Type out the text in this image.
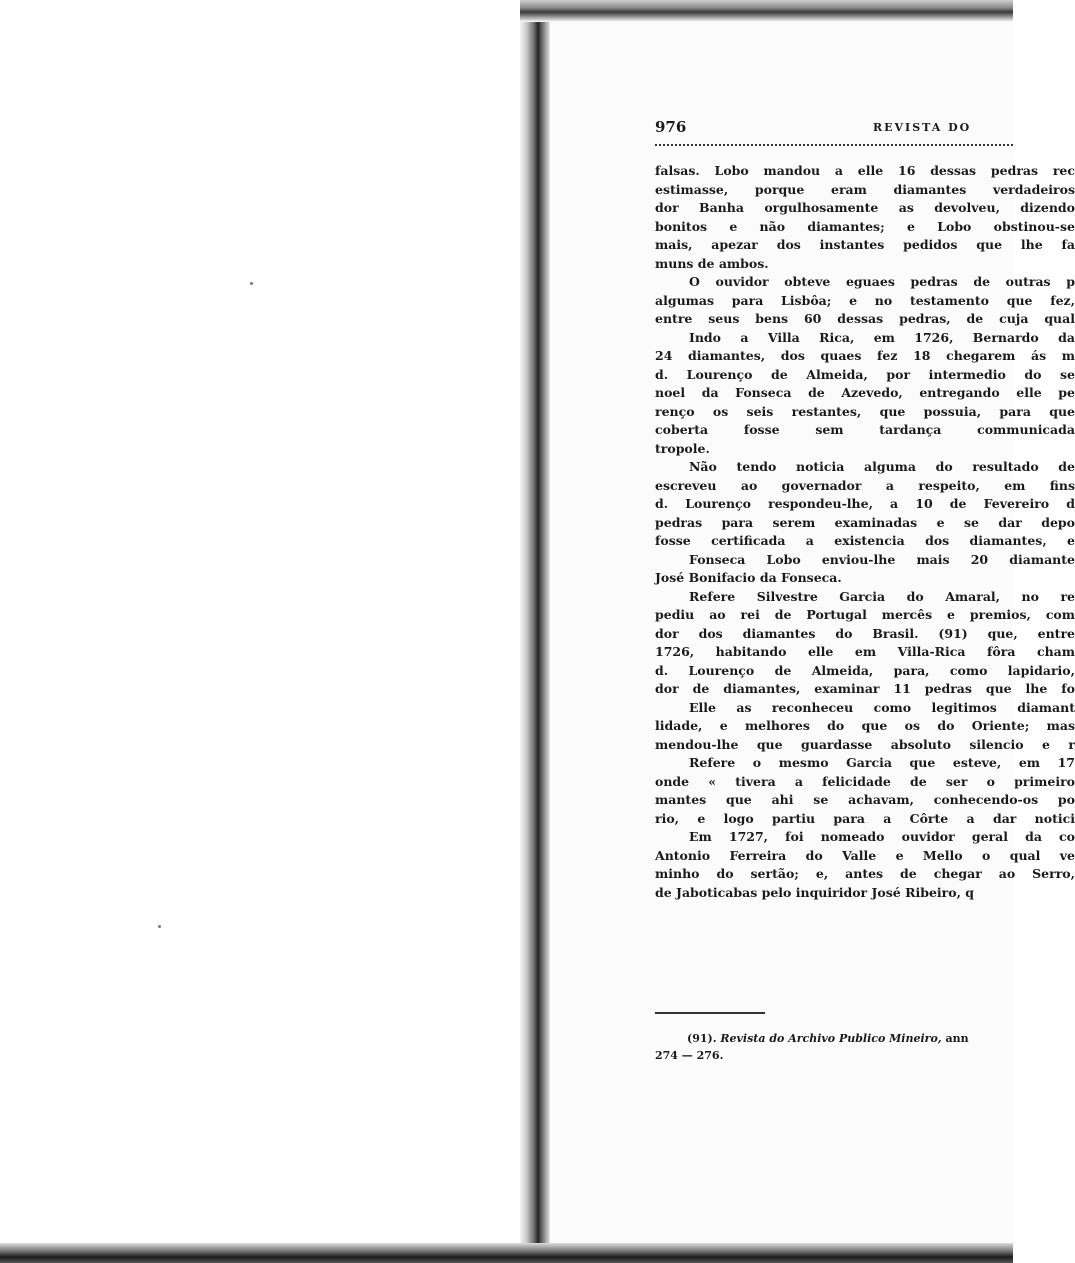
976	REVISTA DO
falsas. Lobo mandou a elle 16 dessas pedras rec
estimasse, porque eram diamantes verdadeiros
dor Banha orgulhosamente as devolveu, dizendo
bonitos e não diamantes; e Lobo obstinou-se
mais, apezar dos instantes pedidos que lhe fa
muns de ambos.
O ouvidor obteve eguaes pedras de outras p
algumas para Lisbôa; e no testamento que fez,
entre seus bens 60 dessas pedras, de cuja qual
Indo a Villa Rica, em 1726, Bernardo da
24 diamantes, dos quaes fez 18 chegarem ás m
d. Lourenço de Almeida, por intermedio do se
noel da Fonseca de Azevedo, entregando elle pe
renço os seis restantes, que possuia, para que
coberta fosse sem tardança communicada
tropole.
Não tendo noticia alguma do resultado de
escreveu ao governador a respeito, em fins
d. Lourenço respondeu-lhe, a 10 de Fevereiro d
pedras para serem examinadas e se dar depo
fosse certificada a existencia dos diamantes, e
Fonseca Lobo enviou-lhe mais 20 diamante
José Bonifacio da Fonseca.
Refere Silvestre Garcia do Amaral, no re
pediu ao rei de Portugal mercês e premios, com
dor dos diamantes do Brasil. (91) que, entre
1726, habitando elle em Villa-Rica fôra cham
d. Lourenço de Almeida, para, como lapidario,
dor de diamantes, examinar 11 pedras que lhe fo
Elle as reconheceu como legitimos diamant
lidade, e melhores do que os do Oriente; mas
mendou-lhe que guardasse absoluto silencio e r
Refere o mesmo Garcia que esteve, em 17
onde « tivera a felicidade de ser o primeiro
mantes que ahi se achavam, conhecendo-os po
rio, e logo partiu para a Côrte a dar notici
Em 1727, foi nomeado ouvidor geral da co
Antonio Ferreira do Valle e Mello o qual ve
minho do sertão; e, antes de chegar ao Serro,
de Jaboticabas pelo inquiridor José Ribeiro, q
(91). Revista do Archivo Publico Mineiro, ann
274 — 276.
